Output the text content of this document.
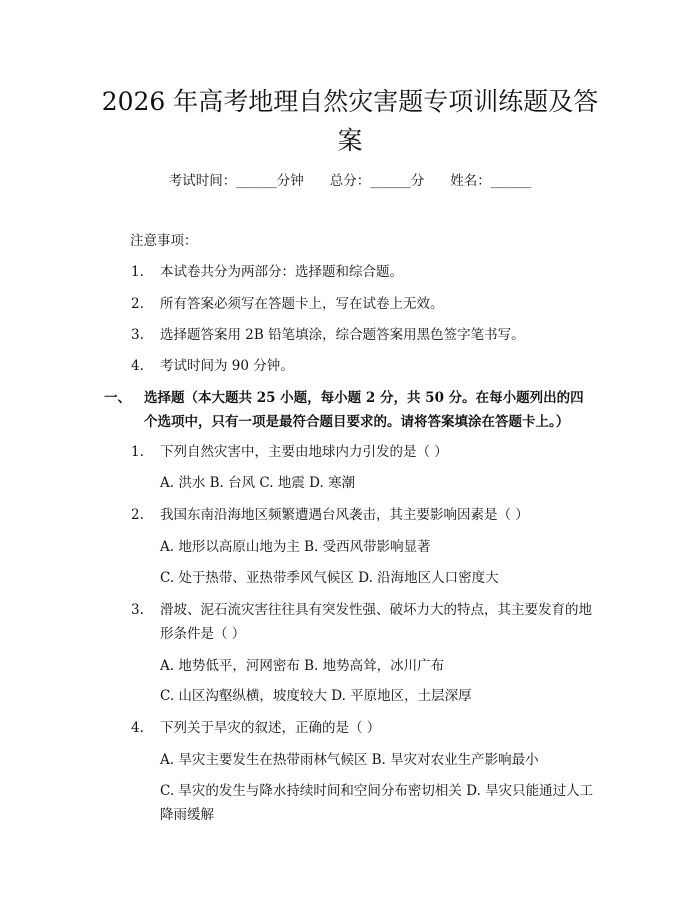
2026 年高考地理自然灾害题专项训练题及答案
考试时间：______分钟 总分：______分 姓名：______
注意事项：
1. 本试卷共分为两部分：选择题和综合题。
2. 所有答案必须写在答题卡上，写在试卷上无效。
3. 选择题答案用 2B 铅笔填涂，综合题答案用黑色签字笔书写。
4. 考试时间为 90 分钟。
一、 选择题（本大题共 25 小题，每小题 2 分，共 50 分。在每小题列出的四个选项中，只有一项是最符合题目要求的。请将答案填涂在答题卡上。）
1. 下列自然灾害中，主要由地球内力引发的是（ ）
A. 洪水 B. 台风 C. 地震 D. 寒潮
2. 我国东南沿海地区频繁遭遇台风袭击，其主要影响因素是（ ）
A. 地形以高原山地为主 B. 受西风带影响显著
C. 处于热带、亚热带季风气候区 D. 沿海地区人口密度大
3. 滑坡、泥石流灾害往往具有突发性强、破坏力大的特点，其主要发育的地形条件是（ ）
A. 地势低平，河网密布 B. 地势高耸，冰川广布
C. 山区沟壑纵横，坡度较大 D. 平原地区，土层深厚
4. 下列关于旱灾的叙述，正确的是（ ）
A. 旱灾主要发生在热带雨林气候区 B. 旱灾对农业生产影响最小
C. 旱灾的发生与降水持续时间和空间分布密切相关 D. 旱灾只能通过人工降雨缓解
